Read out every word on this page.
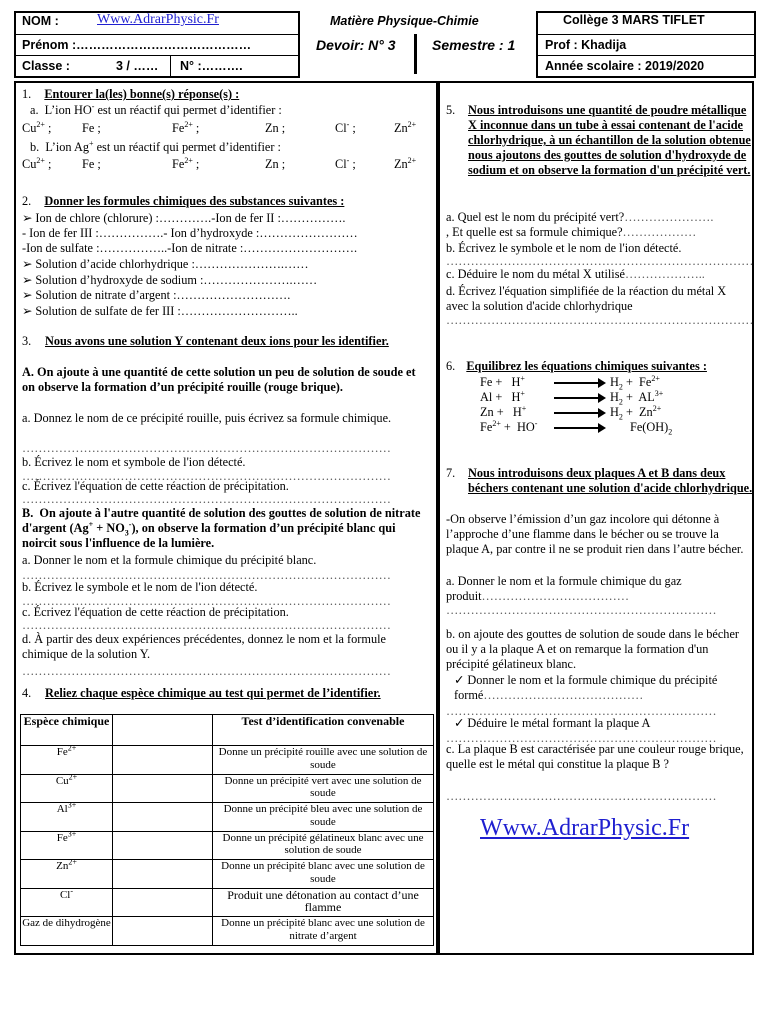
NOM :	Www.AdrarPhysic.Fr	Matière Physique-Chimie	Collège 3 MARS TIFLET
Prénom :……………………………………	Devoir: N° 3	Semestre : 1 Prof : Khadija
Classe :	3 / …… N° :……….	Année scolaire : 2019/2020
1. Entourer la(les) bonne(s) réponse(s) :
a.  L’ion HO- est un réactif qui permet d’identifier :
$Cu^{2+}$ ; Fe ;	$Fe^{2+}$ ;	Zn ;	Cl- ;	$Zn^{2+}$
b.  L’ion Ag+ est un réactif qui permet d’identifier :
$Cu^{2+}$ ; Fe ;	$Fe^{2+}$ ;	Zn ;	Cl- ;	$Zn^{2+}$
2. Donner les formules chimiques des substances suivantes :
➢ Ion de chlore (chlorure) :………….-Ion de fer II :…………….
- Ion de fer III :…………….- Ion d’hydroxyde :……………………
-Ion de sulfate :……………..-Ion de nitrate :……………………….
➢ Solution d’acide chlorhydrique :………………….……
➢ Solution d’hydroxyde de sodium :………………….……
➢ Solution de nitrate d’argent :……………………….
➢ Solution de sulfate de fer III :………………………..
3. Nous avons une solution Y contenant deux ions pour les identifier.
A. On ajoute à une quantité de cette solution un peu de solution de soude et on observe la formation d’un précipité rouille (rouge brique).
a. Donnez le nom de ce précipité rouille, puis écrivez sa formule chimique.
………………………………………………………………………………
b. Écrivez le nom et symbole de l'ion détecté.
………………………………………………………………………………
c. Écrivez l'équation de cette réaction de précipitation.
………………………………………………………………………………
B.  On ajoute à l'autre quantité de solution des gouttes de solution de nitrate d'argent $(Ag^+ + NO_3^-)$, on observe la formation d’un précipité blanc qui noircit sous l'influence de la lumière.
a. Donner le nom et la formule chimique du précipité blanc.
………………………………………………………………………………
b. Écrivez le symbole et le nom de l'ion détecté.
………………………………………………………………………………
c. Écrivez l'équation de cette réaction de précipitation.
………………………………………………………………………………
d. À partir des deux expériences précédentes, donnez le nom et la formule chimique de la solution Y.
………………………………………………………………………………
4. Reliez chaque espèce chimique au test qui permet de l’identifier.
Espèce chimique		Test d’identification convenable
$Fe^{2+}$		Donne un précipité rouille avec une solution de soude
$Cu^{2+}$		Donne un précipité vert avec une solution de soude
$Al^{3+}$		Donne un précipité bleu avec une solution de soude
$Fe^{3+}$		Donne un précipité gélatineux blanc avec une solution de soude
$Zn^{2+}$		Donne un précipité blanc avec une solution de soude
Cl-		Produit une détonation au contact d’une flamme
Gaz de dihydrogène		Donne un précipité blanc avec une solution de nitrate d’argent
5. Nous introduisons une quantité de poudre métallique X inconnue dans un tube à essai contenant de l'acide chlorhydrique, à un échantillon de la solution obtenue nous ajoutons des gouttes de solution d'hydroxyde de sodium et on observe la formation d'un précipité vert.
a. Quel est le nom du précipité vert?………………….
, Et quelle est sa formule chimique?………………
b. Écrivez le symbole et le nom de l'ion détecté.
…………………………………………………………………
c. Déduire le nom du métal X utilisé………………..
d. Écrivez l'équation simplifiée de la réaction du métal X avec la solution d'acide chlorhydrique
…………………………………………………………………
6. Equilibrez les équations chimiques suivantes :
Fe +   H+	$H_2 + Fe^{2+}$
Al +   H+	$H_2 + AL^{3+}$
Zn +   H+	$H_2 + Zn^{2+}$
$Fe^{2+} + HO^-$	$Fe(OH)_2$
7. Nous introduisons deux plaques A et B dans deux béchers contenant une solution d'acide chlorhydrique.
-On observe l’émission d’un gaz incolore qui détonne à l’approche d’une flamme dans le bécher ou se trouve la plaque A, par contre il ne se produit rien dans l’autre bécher.
a. Donner le nom et la formule chimique du gaz produit………………………………
…………………………………………………………
b. on ajoute des gouttes de solution de soude dans le bécher ou il y a la plaque A et on remarque la formation d'un précipité gélatineux blanc.
✓ Donner le nom et la formule chimique du précipité formé…………………………………
…………………………………………………………
✓ Déduire le métal formant la plaque A
…………………………………………………………
c. La plaque B est caractérisée par une couleur rouge brique, quelle est le métal qui constitue la plaque B ?
…………………………………………………………
Www.AdrarPhysic.Fr
